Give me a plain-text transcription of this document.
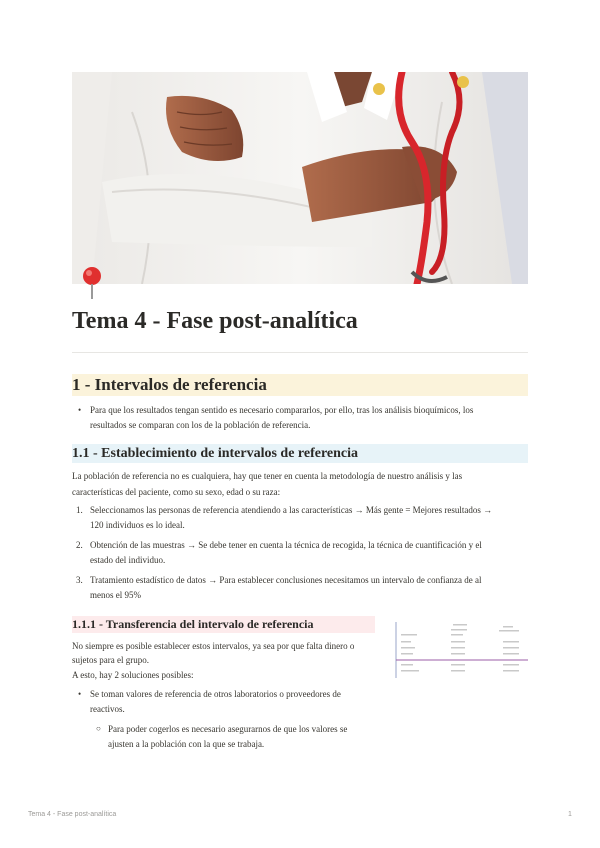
Tema 4 - Fase post-analítica
1 - Intervalos de referencia
• Para que los resultados tengan sentido es necesario compararlos, por ello, tras los análisis bioquímicos, los

resultados se comparan con los de la población de referencia.

1.1 - Establecimiento de intervalos de referencia

La población de referencia no es cualquiera, hay que tener en cuenta la metodología de nuestro análisis y las

características del paciente, como su sexo, edad o su raza:

1. Seleccionamos las personas de referencia atendiendo a las características → Más gente = Mejores resultados →

120 individuos es lo ideal.

2. Obtención de las muestras → Se debe tener en cuenta la técnica de recogida, la técnica de cuantificación y el

estado del individuo.

3. Tratamiento estadístico de datos → Para establecer conclusiones necesitamos un intervalo de confianza de al

menos el 95%

1.1.1 - Transferencia del intervalo de referencia

No siempre es posible establecer estos intervalos, ya sea por que falta dinero o

sujetos para el grupo.

A esto, hay 2 soluciones posibles:

• Se toman valores de referencia de otros laboratorios o proveedores de

reactivos.

○ Para poder cogerlos es necesario asegurarnos de que los valores se

ajusten a la población con la que se trabaja.

Tema 4 - Fase post-analítica	1
